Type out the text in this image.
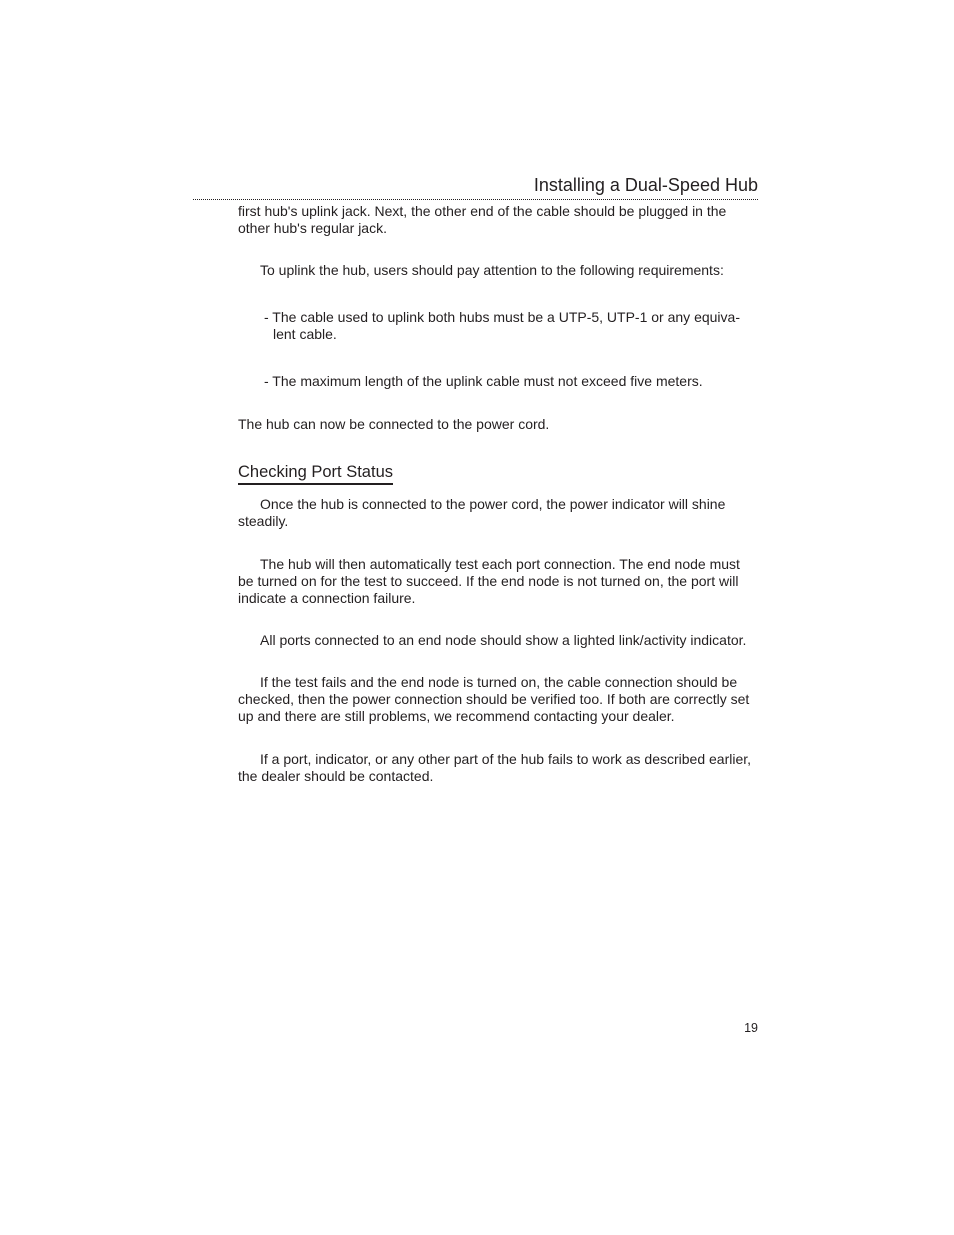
Installing a Dual-Speed Hub

first hub's uplink jack. Next, the other end of the cable should be plugged in the other hub's regular jack.

To uplink the hub, users should pay attention to the following requirements:

- The cable used to uplink both hubs must be a UTP-5, UTP-1 or any equiva-
lent cable.

- The maximum length of the uplink cable must not exceed five meters.

The hub can now be connected to the power cord.

Checking Port Status

Once the hub is connected to the power cord, the power indicator will shine steadily.

The hub will then automatically test each port connection. The end node must be turned on for the test to succeed. If the end node is not turned on, the port will indicate a connection failure.

All ports connected to an end node should show a lighted link/activity indicator.

If the test fails and the end node is turned on, the cable connection should be checked, then the power connection should be verified too. If both are correctly set up and there are still problems, we recommend contacting your dealer.

If a port, indicator, or any other part of the hub fails to work as described earlier, the dealer should be contacted.

19
